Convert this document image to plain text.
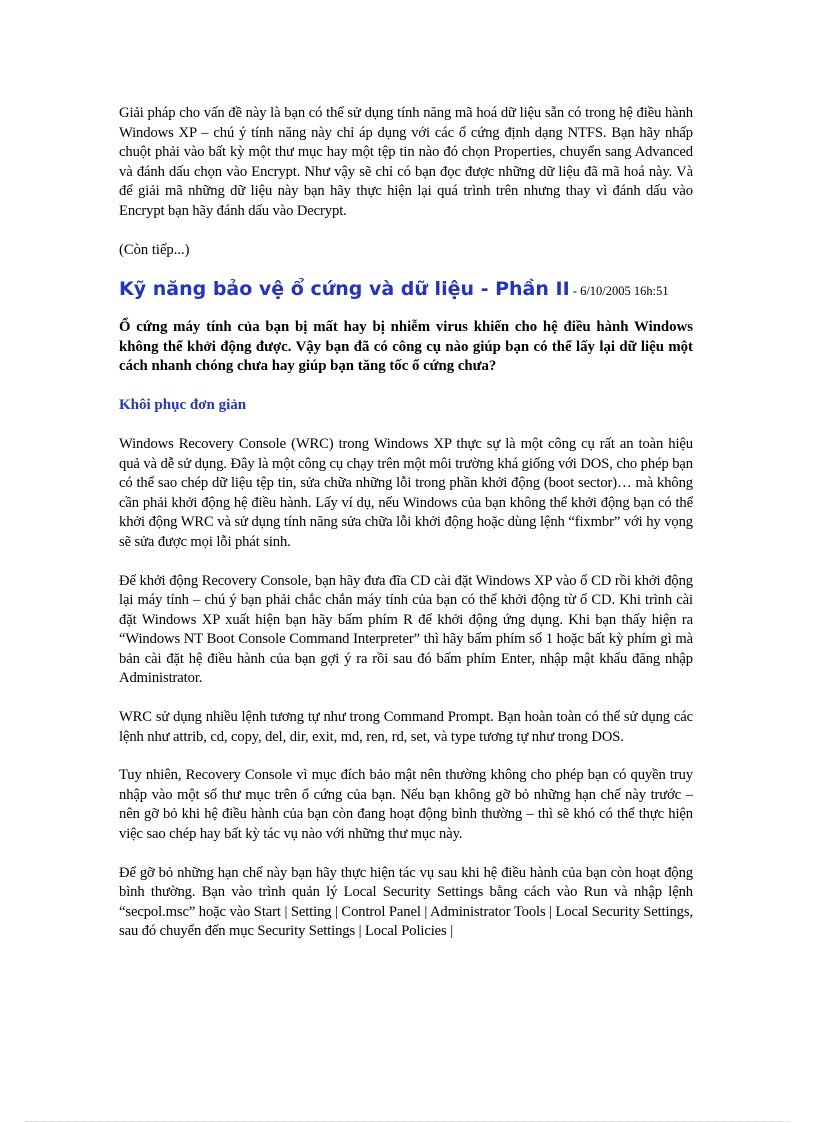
Giải pháp cho vấn đề này là bạn có thể sử dụng tính năng mã hoá dữ liệu sẵn có trong hệ điều hành Windows XP – chú ý tính năng này chỉ áp dụng với các ổ cứng định dạng NTFS. Bạn hãy nhấp chuột phải vào bất kỳ một thư mục hay một tệp tin nào đó chọn Properties, chuyển sang Advanced và đánh dấu chọn vào Encrypt. Như vậy sẽ chỉ có bạn đọc được những dữ liệu đã mã hoá này. Và để giải mã những dữ liệu này bạn hãy thực hiện lại quá trình trên nhưng thay vì đánh dấu vào Encrypt bạn hãy đánh dấu vào Decrypt.

(Còn tiếp...)

Kỹ năng bảo vệ ổ cứng và dữ liệu - Phần II - 6/10/2005 16h:51

Ổ cứng máy tính của bạn bị mất hay bị nhiễm virus khiến cho hệ điều hành Windows không thể khởi động được. Vậy bạn đã có công cụ nào giúp bạn có thể lấy lại dữ liệu một cách nhanh chóng chưa hay giúp bạn tăng tốc ổ cứng chưa?

Khôi phục đơn giản

Windows Recovery Console (WRC) trong Windows XP thực sự là một công cụ rất an toàn hiệu quả và dễ sử dụng. Đây là một công cụ chạy trên một môi trường khá giống với DOS, cho phép bạn có thể sao chép dữ liệu tệp tin, sửa chữa những lỗi trong phần khởi động (boot sector)… mà không cần phải khởi động hệ điều hành. Lấy ví dụ, nếu Windows của bạn không thể khởi động bạn có thể khởi động WRC và sử dụng tính năng sửa chữa lỗi khởi động hoặc dùng lệnh “fixmbr” với hy vọng sẽ sửa được mọi lỗi phát sinh.

Để khởi động Recovery Console, bạn hãy đưa đĩa CD cài đặt Windows XP vào ổ CD rồi khởi động lại máy tính – chú ý bạn phải chắc chắn máy tính của bạn có thể khởi động từ ổ CD. Khi trình cài đặt Windows XP xuất hiện bạn hãy bấm phím R để khởi động ứng dụng. Khi bạn thấy hiện ra “Windows NT Boot Console Command Interpreter” thì hãy bấm phím số 1 hoặc bất kỳ phím gì mà bản cài đặt hệ điều hành của bạn gợi ý ra rồi sau đó bấm phím Enter, nhập mật khẩu đăng nhập Administrator.

WRC sử dụng nhiều lệnh tương tự như trong Command Prompt. Bạn hoàn toàn có thể sử dụng các lệnh như attrib, cd, copy, del, dir, exit, md, ren, rd, set, và type tương tự như trong DOS.

Tuy nhiên, Recovery Console vì mục đích bảo mật nên thường không cho phép bạn có quyền truy nhập vào một số thư mục trên ổ cứng của bạn. Nếu bạn không gỡ bỏ những hạn chế này trước – nên gỡ bỏ khi hệ điều hành của bạn còn đang hoạt động bình thường – thì sẽ khó có thể thực hiện việc sao chép hay bất kỳ tác vụ nào với những thư mục này.

Để gỡ bỏ những hạn chế này bạn hãy thực hiện tác vụ sau khi hệ điều hành của bạn còn hoạt động bình thường. Bạn vào trình quản lý Local Security Settings bằng cách vào Run và nhập lệnh “secpol.msc” hoặc vào Start | Setting | Control Panel | Administrator Tools | Local Security Settings, sau đó chuyển đến mục Security Settings | Local Policies |
